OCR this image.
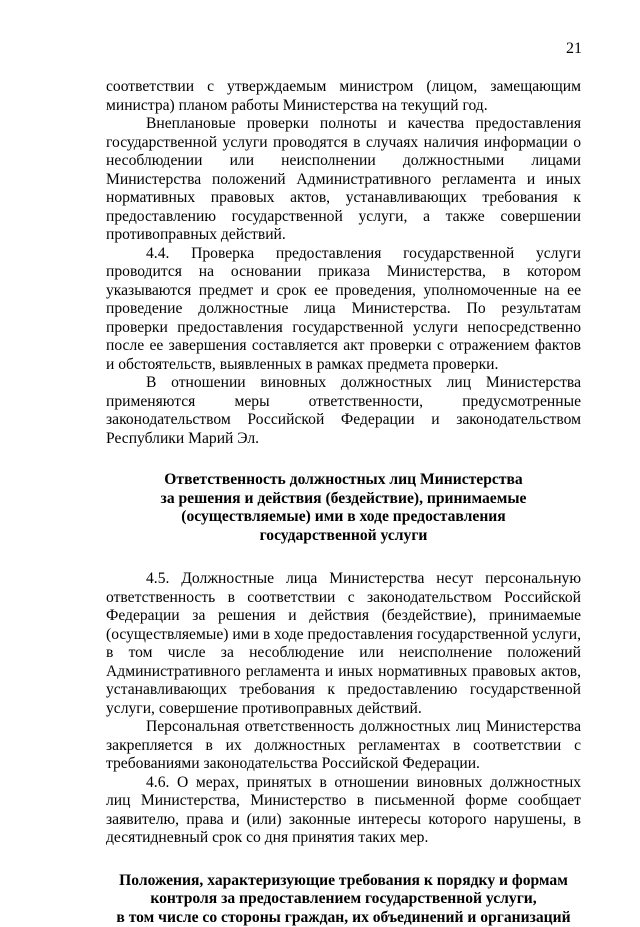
21

соответствии с утверждаемым министром (лицом, замещающим министра) планом работы Министерства на текущий год.

Внеплановые проверки полноты и качества предоставления государственной услуги проводятся в случаях наличия информации о несоблюдении или неисполнении должностными лицами Министерства положений Административного регламента и иных нормативных правовых актов, устанавливающих требования к предоставлению государственной услуги, а также совершении противоправных действий.

4.4. Проверка предоставления государственной услуги проводится на основании приказа Министерства, в котором указываются предмет и срок ее проведения, уполномоченные на ее проведение должностные лица Министерства. По результатам проверки предоставления государственной услуги непосредственно после ее завершения составляется акт проверки с отражением фактов и обстоятельств, выявленных в рамках предмета проверки.

В отношении виновных должностных лиц Министерства применяются меры ответственности, предусмотренные законодательством Российской Федерации и законодательством Республики Марий Эл.

Ответственность должностных лиц Министерства
за решения и действия (бездействие), принимаемые
(осуществляемые) ими в ходе предоставления
государственной услуги

4.5. Должностные лица Министерства несут персональную ответственность в соответствии с законодательством Российской Федерации за решения и действия (бездействие), принимаемые (осуществляемые) ими в ходе предоставления государственной услуги, в том числе за несоблюдение или неисполнение положений Административного регламента и иных нормативных правовых актов, устанавливающих требования к предоставлению государственной услуги, совершение противоправных действий.

Персональная ответственность должностных лиц Министерства закрепляется в их должностных регламентах в соответствии с требованиями законодательства Российской Федерации.

4.6. О мерах, принятых в отношении виновных должностных лиц Министерства, Министерство в письменной форме сообщает заявителю, права и (или) законные интересы которого нарушены, в десятидневный срок со дня принятия таких мер.

Положения, характеризующие требования к порядку и формам
контроля за предоставлением государственной услуги,
в том числе со стороны граждан, их объединений и организаций
